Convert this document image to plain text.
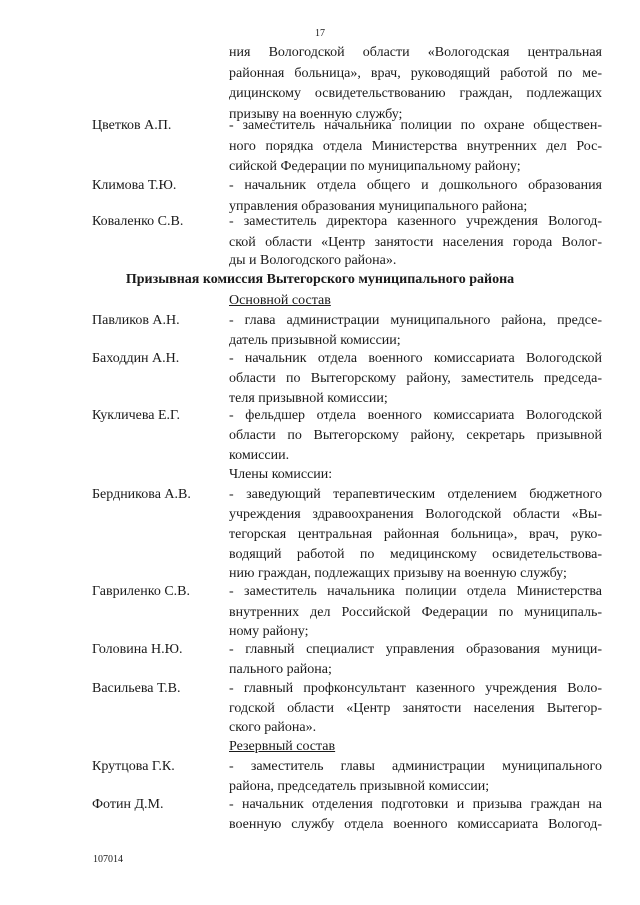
17
ния Вологодской области «Вологодская центральная
районная больница», врач, руководящий работой по ме-
дицинскому освидетельствованию граждан, подлежащих
призыву на военную службу;
Цветков А.П.	- заместитель начальника полиции по охране обществен-
ного порядка отдела Министерства внутренних дел Рос-
сийской Федерации по муниципальному району;
Климова Т.Ю.	- начальник отдела общего и дошкольного образования
управления образования муниципального района;
Коваленко С.В.	- заместитель директора казенного учреждения Вологод-
ской области «Центр занятости населения города Волог-
ды и Вологодского района».
Призывная комиссия Вытегорского муниципального района
Основной состав
Павликов А.Н.	- глава администрации муниципального района, предсе-
датель призывной комиссии;
Баходдин А.Н.	- начальник отдела военного комиссариата Вологодской
области по Вытегорскому району, заместитель председа-
теля призывной комиссии;
Кукличева Е.Г.	- фельдшер отдела военного комиссариата Вологодской
области по Вытегорскому району, секретарь призывной
комиссии.
Члены комиссии:
Бердникова А.В.	- заведующий терапевтическим отделением бюджетного
учреждения здравоохранения Вологодской области «Вы-
тегорская центральная районная больница», врач, руко-
водящий работой по медицинскому освидетельствова-
нию граждан, подлежащих призыву на военную службу;
Гавриленко С.В.	- заместитель начальника полиции отдела Министерства
внутренних дел Российской Федерации по муниципаль-
ному району;
Головина Н.Ю.	- главный специалист управления образования муници-
пального района;
Васильева Т.В.	- главный профконсультант казенного учреждения Воло-
годской области «Центр занятости населения Вытегор-
ского района».
Резервный состав
Крутцова Г.К.	- заместитель главы администрации муниципального
района, председатель призывной комиссии;
Фотин Д.М.	- начальник отделения подготовки и призыва граждан на
военную службу отдела военного комиссариата Вологод-
107014
